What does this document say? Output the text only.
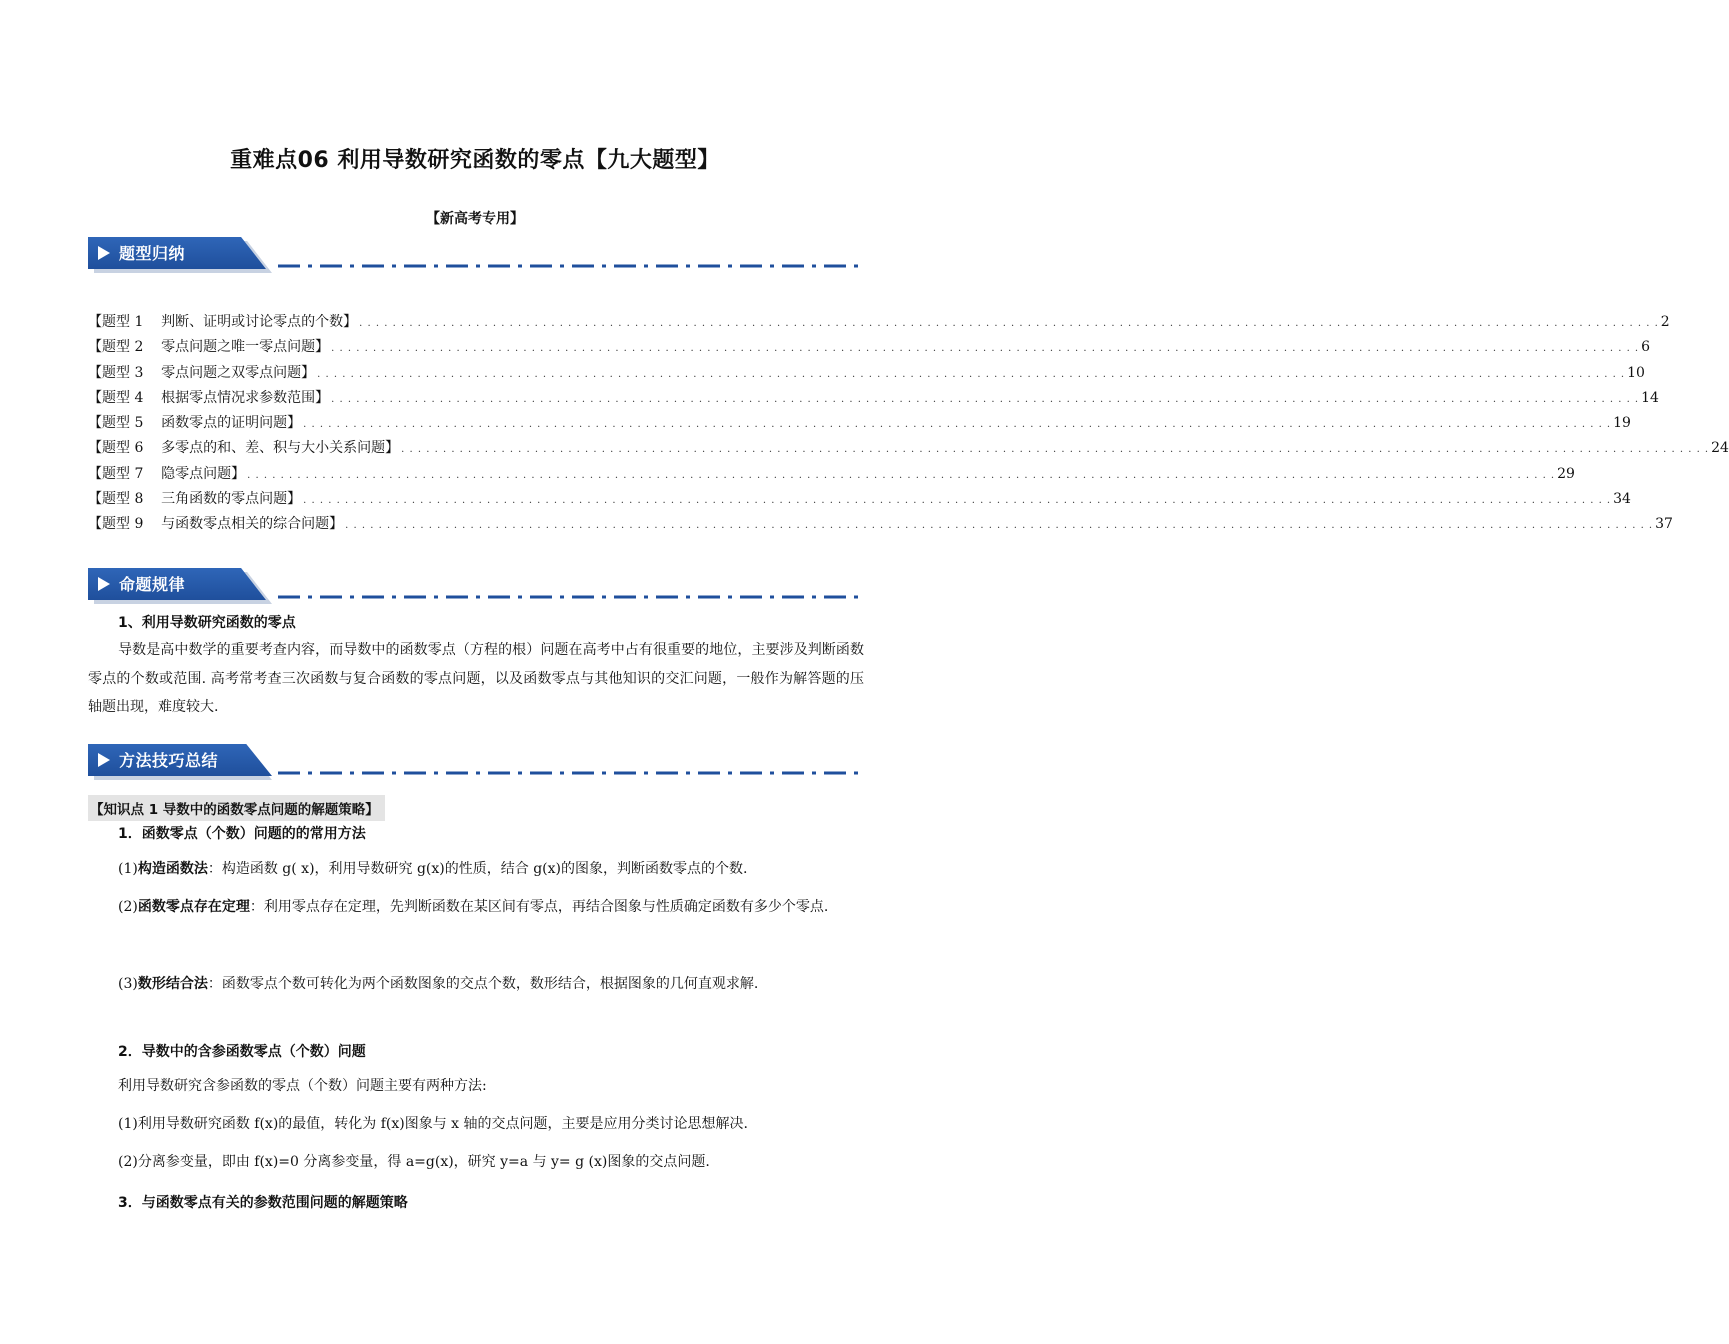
重难点06 利用导数研究函数的零点【九大题型】
【新高考专用】
题型归纳
【题型 1    判断、证明或讨论零点的个数】 . . . . . . . . . . . . . . . . . . . . . . . . . . . . . . . . . . . . . . . . . . . . . . . . . . . . . . . . . . . . . . . . . . . . . . . . . . . . . . . . . . . . . . . . . . . . . . . . . . . . . . . . . . . . . . . . . . . . . . . . . . . . . . . . . . . . . . . . . . . . . . . . . . . . . . . . . . . . 2
【题型 2    零点问题之唯一零点问题】 . . . . . . . . . . . . . . . . . . . . . . . . . . . . . . . . . . . . . . . . . . . . . . . . . . . . . . . . . . . . . . . . . . . . . . . . . . . . . . . . . . . . . . . . . . . . . . . . . . . . . . . . . . . . . . . . . . . . . . . . . . . . . . . . . . . . . . . . . . . . . . . . . . . . . . . . . . . . . 6
【题型 3    零点问题之双零点问题】 . . . . . . . . . . . . . . . . . . . . . . . . . . . . . . . . . . . . . . . . . . . . . . . . . . . . . . . . . . . . . . . . . . . . . . . . . . . . . . . . . . . . . . . . . . . . . . . . . . . . . . . . . . . . . . . . . . . . . . . . . . . . . . . . . . . . . . . . . . . . . . . . . . . . . . . . . . . . . 10
【题型 4    根据零点情况求参数范围】 . . . . . . . . . . . . . . . . . . . . . . . . . . . . . . . . . . . . . . . . . . . . . . . . . . . . . . . . . . . . . . . . . . . . . . . . . . . . . . . . . . . . . . . . . . . . . . . . . . . . . . . . . . . . . . . . . . . . . . . . . . . . . . . . . . . . . . . . . . . . . . . . . . . . . . . . . . . . . 14
【题型 5    函数零点的证明问题】 . . . . . . . . . . . . . . . . . . . . . . . . . . . . . . . . . . . . . . . . . . . . . . . . . . . . . . . . . . . . . . . . . . . . . . . . . . . . . . . . . . . . . . . . . . . . . . . . . . . . . . . . . . . . . . . . . . . . . . . . . . . . . . . . . . . . . . . . . . . . . . . . . . . . . . . . . . . . . 19
【题型 6    多零点的和、差、积与大小关系问题】 . . . . . . . . . . . . . . . . . . . . . . . . . . . . . . . . . . . . . . . . . . . . . . . . . . . . . . . . . . . . . . . . . . . . . . . . . . . . . . . . . . . . . . . . . . . . . . . . . . . . . . . . . . . . . . . . . . . . . . . . . . . . . . . . . . . . . . . . . . . . . . . . . . . . . . . . . . . . . 24
【题型 7    隐零点问题】 . . . . . . . . . . . . . . . . . . . . . . . . . . . . . . . . . . . . . . . . . . . . . . . . . . . . . . . . . . . . . . . . . . . . . . . . . . . . . . . . . . . . . . . . . . . . . . . . . . . . . . . . . . . . . . . . . . . . . . . . . . . . . . . . . . . . . . . . . . . . . . . . . . . . . . . . . . . . . 29
【题型 8    三角函数的零点问题】 . . . . . . . . . . . . . . . . . . . . . . . . . . . . . . . . . . . . . . . . . . . . . . . . . . . . . . . . . . . . . . . . . . . . . . . . . . . . . . . . . . . . . . . . . . . . . . . . . . . . . . . . . . . . . . . . . . . . . . . . . . . . . . . . . . . . . . . . . . . . . . . . . . . . . . . . . . . . . 34
【题型 9    与函数零点相关的综合问题】 . . . . . . . . . . . . . . . . . . . . . . . . . . . . . . . . . . . . . . . . . . . . . . . . . . . . . . . . . . . . . . . . . . . . . . . . . . . . . . . . . . . . . . . . . . . . . . . . . . . . . . . . . . . . . . . . . . . . . . . . . . . . . . . . . . . . . . . . . . . . . . . . . . . . . . . . . . . . . 37
命题规律
1、利用导数研究函数的零点
导数是高中数学的重要考查内容，而导数中的函数零点（方程的根）问题在高考中占有很重要的地位，主要涉及判断函数零点的个数或范围. 高考常考查三次函数与复合函数的零点问题，以及函数零点与其他知识的交汇问题，一般作为解答题的压轴题出现，难度较大.
方法技巧总结
【知识点 1 导数中的函数零点问题的解题策略】
1．函数零点（个数）问题的的常用方法
(1)构造函数法：构造函数 g( x)，利用导数研究 g(x)的性质，结合 g(x)的图象，判断函数零点的个数.
(2)函数零点存在定理：利用零点存在定理，先判断函数在某区间有零点，再结合图象与性质确定函数有多少个零点.
(3)数形结合法：函数零点个数可转化为两个函数图象的交点个数，数形结合，根据图象的几何直观求解.
2．导数中的含参函数零点（个数）问题
利用导数研究含参函数的零点（个数）问题主要有两种方法:
(1)利用导数研究函数 f(x)的最值，转化为 f(x)图象与 x 轴的交点问题，主要是应用分类讨论思想解决.
(2)分离参变量，即由 f(x)=0 分离参变量，得 a=g(x)，研究 y=a 与 y= g (x)图象的交点问题.
3．与函数零点有关的参数范围问题的解题策略
